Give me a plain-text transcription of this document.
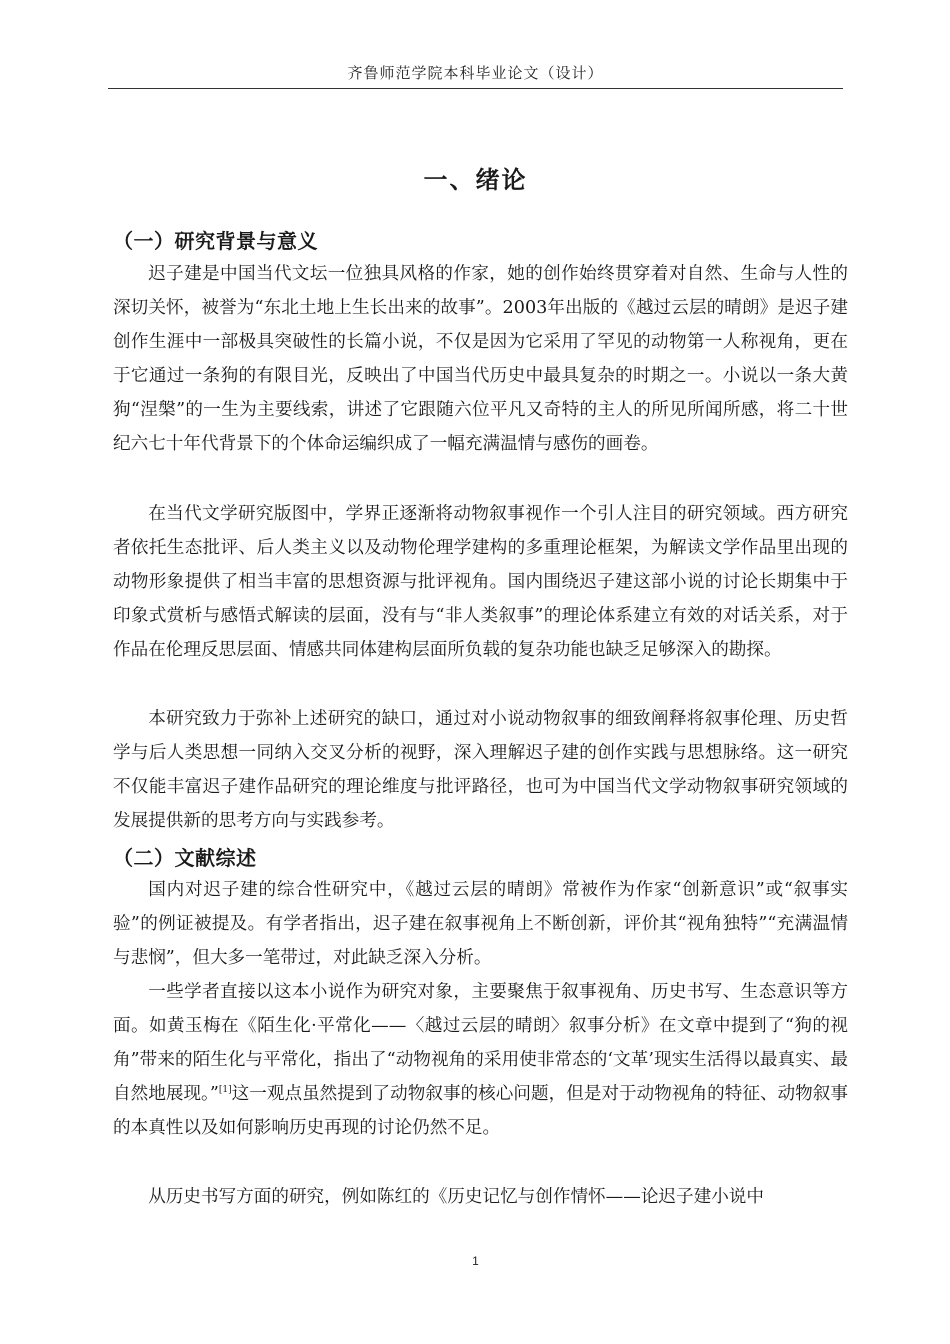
齐鲁师范学院本科毕业论文（设计）
一、绪论
（一）研究背景与意义

迟子建是中国当代文坛一位独具风格的作家，她的创作始终贯穿着对自然、生命与人性的深切关怀，被誉为“东北土地上生长出来的故事”。2003年出版的《越过云层的晴朗》是迟子建创作生涯中一部极具突破性的长篇小说，不仅是因为它采用了罕见的动物第一人称视角，更在于它通过一条狗的有限目光，反映出了中国当代历史中最具复杂的时期之一。小说以一条大黄狗“涅槃”的一生为主要线索，讲述了它跟随六位平凡又奇特的主人的所见所闻所感，将二十世纪六七十年代背景下的个体命运编织成了一幅充满温情与感伤的画卷。

在当代文学研究版图中，学界正逐渐将动物叙事视作一个引人注目的研究领域。西方研究者依托生态批评、后人类主义以及动物伦理学建构的多重理论框架，为解读文学作品里出现的动物形象提供了相当丰富的思想资源与批评视角。国内围绕迟子建这部小说的讨论长期集中于印象式赏析与感悟式解读的层面，没有与“非人类叙事”的理论体系建立有效的对话关系，对于作品在伦理反思层面、情感共同体建构层面所负载的复杂功能也缺乏足够深入的勘探。

本研究致力于弥补上述研究的缺口，通过对小说动物叙事的细致阐释将叙事伦理、历史哲学与后人类思想一同纳入交叉分析的视野，深入理解迟子建的创作实践与思想脉络。这一研究不仅能丰富迟子建作品研究的理论维度与批评路径，也可为中国当代文学动物叙事研究领域的发展提供新的思考方向与实践参考。

（二）文献综述

国内对迟子建的综合性研究中，《越过云层的晴朗》常被作为作家“创新意识”或“叙事实验”的例证被提及。有学者指出，迟子建在叙事视角上不断创新，评价其“视角独特”“充满温情与悲悯”，但大多一笔带过，对此缺乏深入分析。

一些学者直接以这本小说作为研究对象，主要聚焦于叙事视角、历史书写、生态意识等方面。如黄玉梅在《陌生化·平常化——〈越过云层的晴朗〉叙事分析》在文章中提到了“狗的视角”带来的陌生化与平常化，指出了“动物视角的采用使非常态的‘文革’现实生活得以最真实、最自然地展现。”[1]这一观点虽然提到了动物叙事的核心问题，但是对于动物视角的特征、动物叙事的本真性以及如何影响历史再现的讨论仍然不足。

从历史书写方面的研究，例如陈红的《历史记忆与创作情怀——论迟子建小说中

1
